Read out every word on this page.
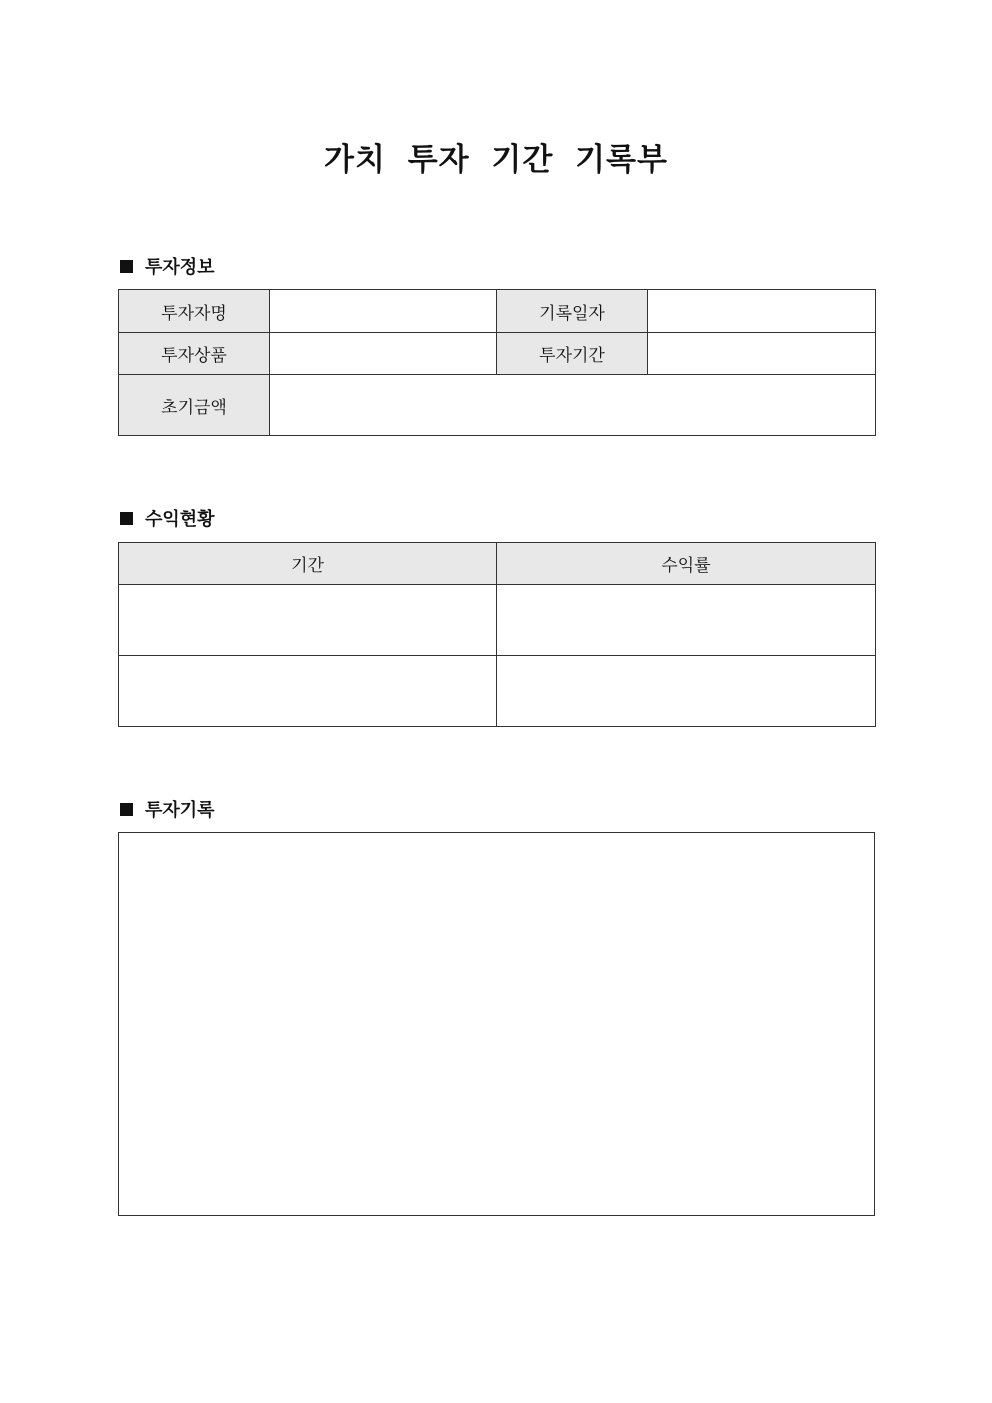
가치 투자 기간 기록부
투자정보
투자자명		기록일자	
투자상품		투자기간	
초기금액			
수익현황
기간	수익률

투자기록
